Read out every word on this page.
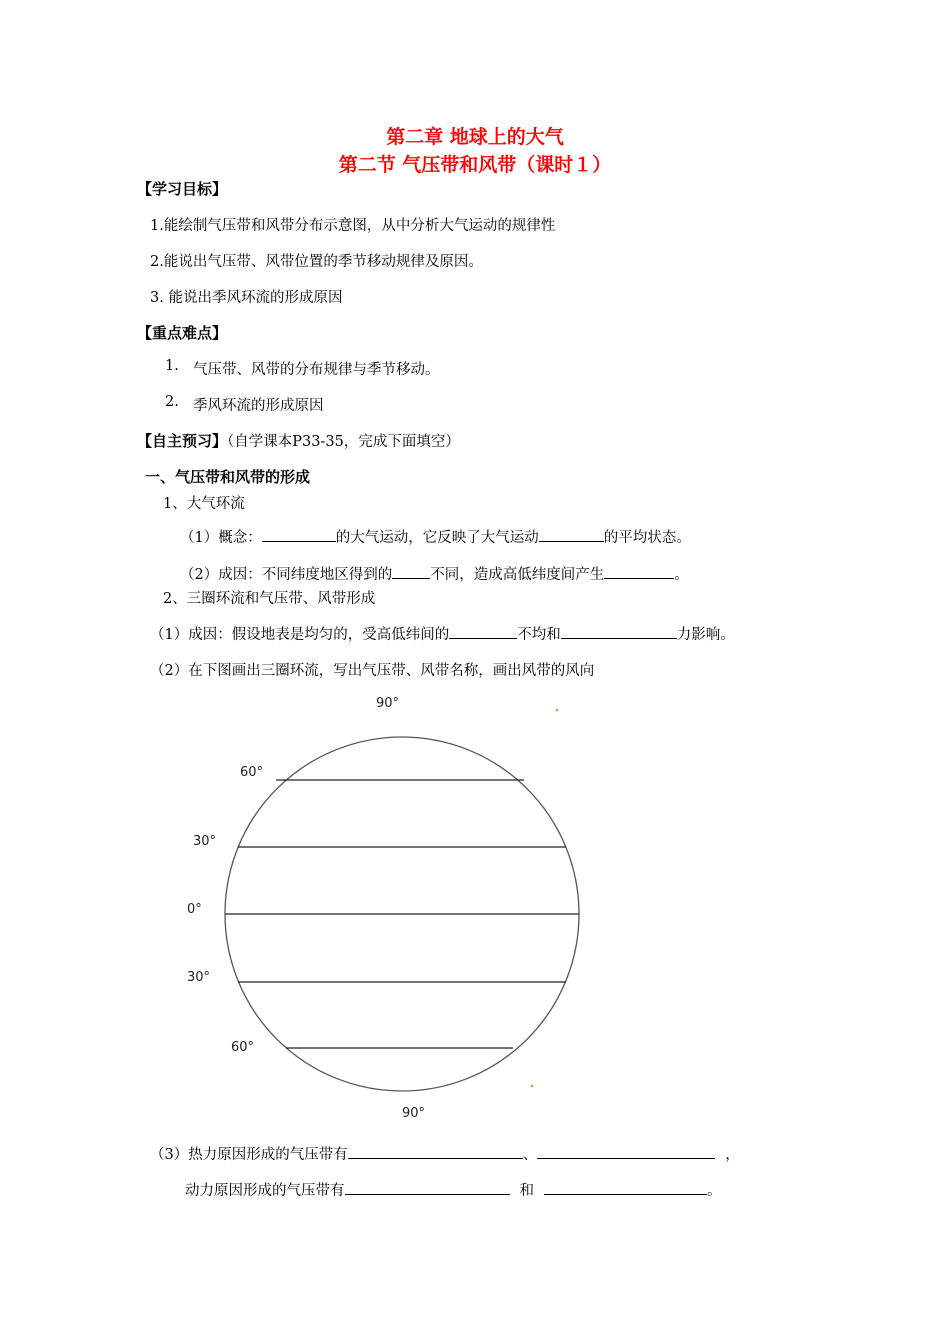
第二章 地球上的大气
第二节 气压带和风带（课时１）
【学习目标】
1.能绘制气压带和风带分布示意图，从中分析大气运动的规律性
2.能说出气压带、风带位置的季节移动规律及原因。
3. 能说出季风环流的形成原因
【重点难点】
1. 气压带、风带的分布规律与季节移动。
2. 季风环流的形成原因
【自主预习】（自学课本P33-35，完成下面填空）
一、气压带和风带的形成
1、大气环流
（1）概念：	的大气运动，它反映了大气运动	的平均状态。
（2）成因：不同纬度地区得到的	不同，造成高低纬度间产生	。
2、三圈环流和气压带、风带形成
（1）成因：假设地表是均匀的，受高低纬间的	不均和	力影响。
（2）在下图画出三圈环流，写出气压带、风带名称，画出风带的风向
90°
60°
30°
0°
30°
60°
90°
（3）热力原因形成的气压带有	、	，
动力原因形成的气压带有	和	。
